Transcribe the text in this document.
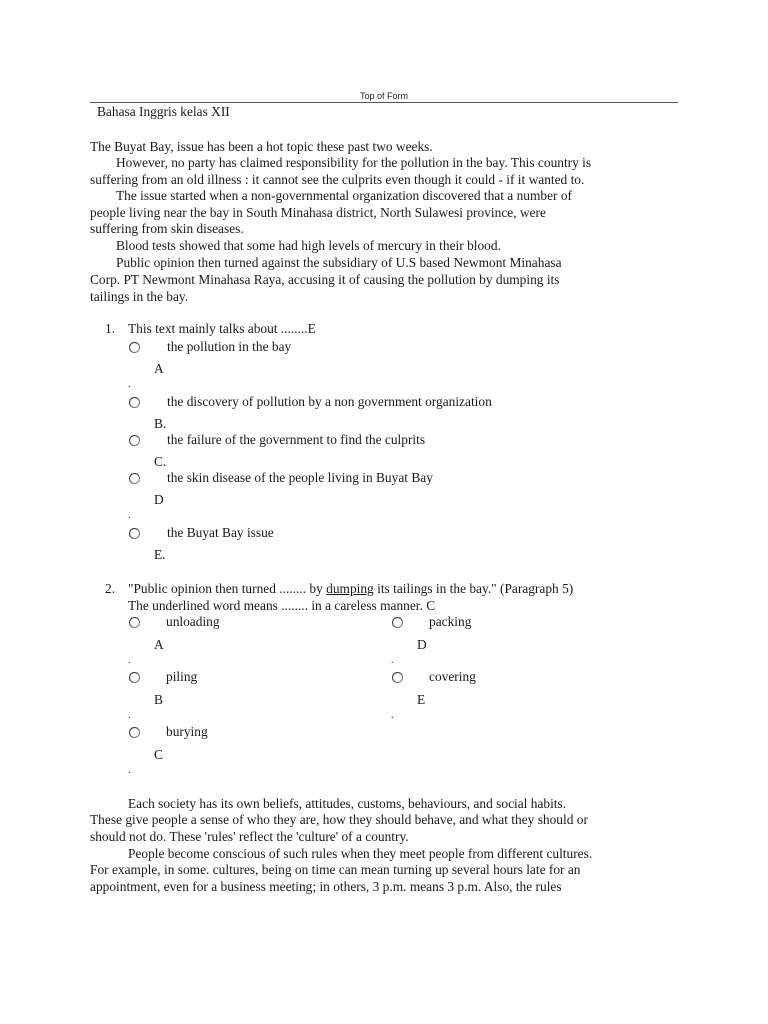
Top of Form
Bahasa Inggris kelas XII
The Buyat Bay, issue has been a hot topic these past two weeks.
However, no party has claimed responsibility for the pollution in the bay. This country is
suffering from an old illness : it cannot see the culprits even though it could - if it wanted to.
The issue started when a non-governmental organization discovered that a number of
people living near the bay in South Minahasa district, North Sulawesi province, were
suffering from skin diseases.
Blood tests showed that some had high levels of mercury in their blood.
Public opinion then turned against the subsidiary of U.S based Newmont Minahasa
Corp. PT Newmont Minahasa Raya, accusing it of causing the pollution by dumping its
tailings in the bay.
1. This text mainly talks about ........E
the pollution in the bay
A
.
the discovery of pollution by a non government organization
B.
the failure of the government to find the culprits
C.
the skin disease of the people living in Buyat Bay
D
.
the Buyat Bay issue
E.
2. "Public opinion then turned ........ by dumping its tailings in the bay." (Paragraph 5)
The underlined word means ........ in a careless manner. C
unloading
A
.
piling
B
.
burying
C
.
packing
D
.
covering
E
.
Each society has its own beliefs, attitudes, customs, behaviours, and social habits.
These give people a sense of who they are, how they should behave, and what they should or
should not do. These 'rules' reflect the 'culture' of a country.
People become conscious of such rules when they meet people from different cultures.
For example, in some. cultures, being on time can mean turning up several hours late for an
appointment, even for a business meeting; in others, 3 p.m. means 3 p.m. Also, the rules
